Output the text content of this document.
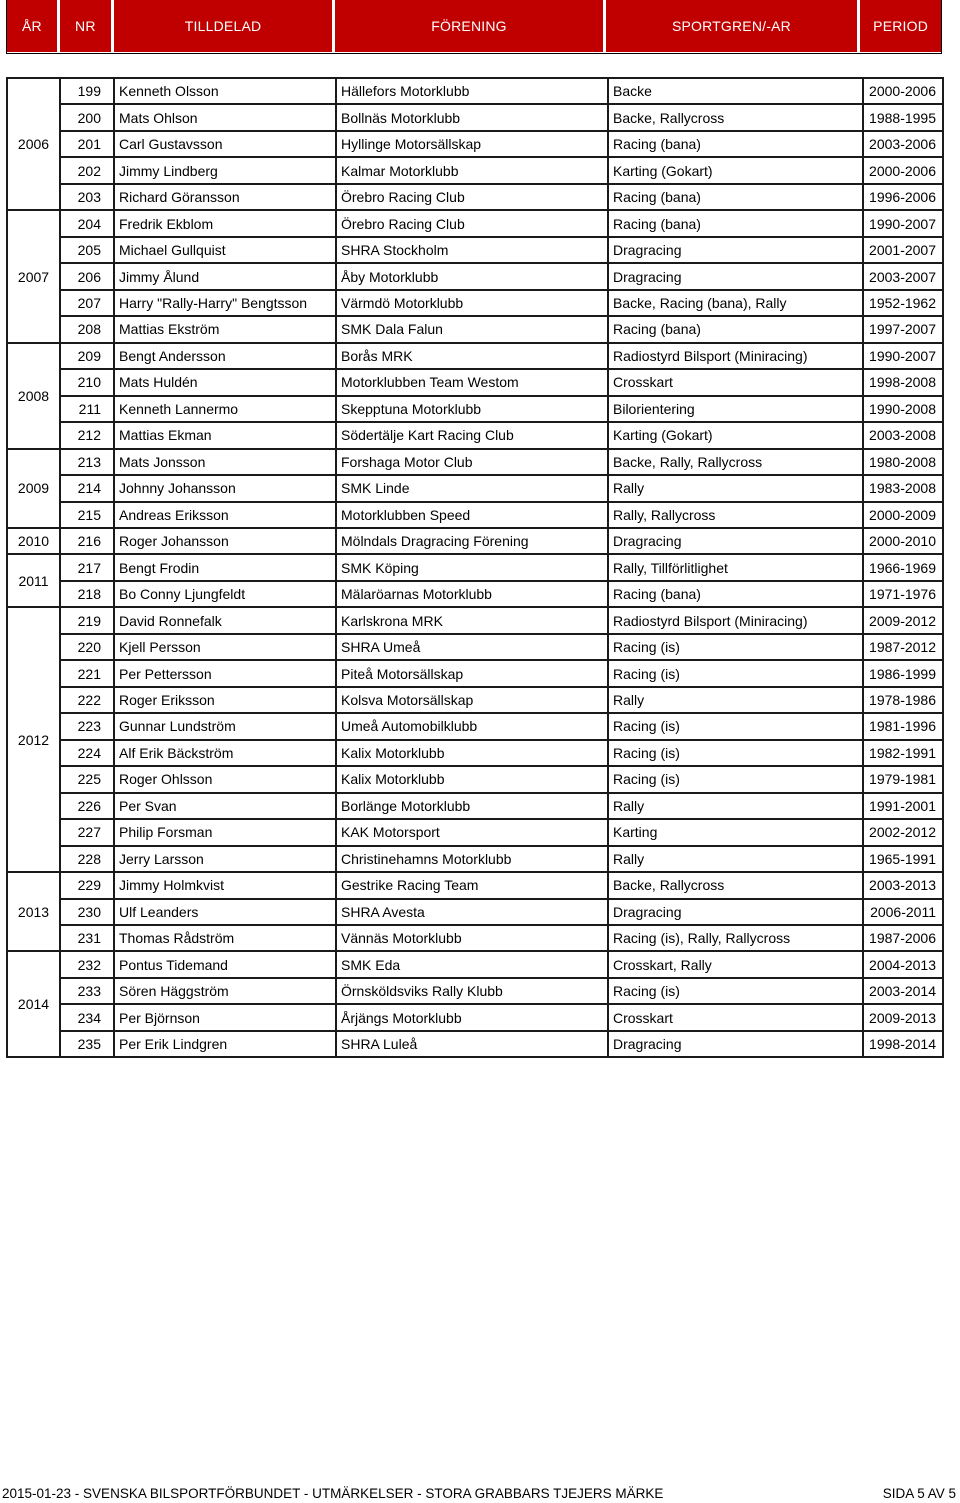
ÅR	NR	TILLDELAD	FÖRENING	SPORTGREN/-AR	PERIOD
2006	199	Kenneth Olsson	Hällefors Motorklubb	Backe	2000-2006
	200	Mats Ohlson	Bollnäs Motorklubb	Backe, Rallycross	1988-1995
	201	Carl Gustavsson	Hyllinge Motorsällskap	Racing (bana)	2003-2006
	202	Jimmy Lindberg	Kalmar Motorklubb	Karting (Gokart)	2000-2006
	203	Richard Göransson	Örebro Racing Club	Racing (bana)	1996-2006
2007	204	Fredrik Ekblom	Örebro Racing Club	Racing (bana)	1990-2007
	205	Michael Gullquist	SHRA Stockholm	Dragracing	2001-2007
	206	Jimmy Ålund	Åby Motorklubb	Dragracing	2003-2007
	207	Harry "Rally-Harry" Bengtsson	Värmdö Motorklubb	Backe, Racing (bana), Rally	1952-1962
	208	Mattias Ekström	SMK Dala Falun	Racing (bana)	1997-2007
2008	209	Bengt Andersson	Borås MRK	Radiostyrd Bilsport (Miniracing)	1990-2007
	210	Mats Huldén	Motorklubben Team Westom	Crosskart	1998-2008
	211	Kenneth Lannermo	Skepptuna Motorklubb	Bilorientering	1990-2008
	212	Mattias Ekman	Södertälje Kart Racing Club	Karting (Gokart)	2003-2008
2009	213	Mats Jonsson	Forshaga Motor Club	Backe, Rally, Rallycross	1980-2008
	214	Johnny Johansson	SMK Linde	Rally	1983-2008
	215	Andreas Eriksson	Motorklubben Speed	Rally, Rallycross	2000-2009
2010	216	Roger Johansson	Mölndals Dragracing Förening	Dragracing	2000-2010
2011	217	Bengt Frodin	SMK Köping	Rally, Tillförlitlighet	1966-1969
	218	Bo Conny Ljungfeldt	Mälaröarnas Motorklubb	Racing (bana)	1971-1976
2012	219	David Ronnefalk	Karlskrona MRK	Radiostyrd Bilsport (Miniracing)	2009-2012
	220	Kjell Persson	SHRA Umeå	Racing (is)	1987-2012
	221	Per Pettersson	Piteå Motorsällskap	Racing (is)	1986-1999
	222	Roger Eriksson	Kolsva Motorsällskap	Rally	1978-1986
	223	Gunnar Lundström	Umeå Automobilklubb	Racing (is)	1981-1996
	224	Alf Erik Bäckström	Kalix Motorklubb	Racing (is)	1982-1991
	225	Roger Ohlsson	Kalix Motorklubb	Racing (is)	1979-1981
	226	Per Svan	Borlänge Motorklubb	Rally	1991-2001
	227	Philip Forsman	KAK Motorsport	Karting	2002-2012
	228	Jerry Larsson	Christinehamns Motorklubb	Rally	1965-1991
2013	229	Jimmy Holmkvist	Gestrike Racing Team	Backe, Rallycross	2003-2013
	230	Ulf Leanders	SHRA Avesta	Dragracing	2006-2011
	231	Thomas Rådström	Vännäs Motorklubb	Racing (is), Rally, Rallycross	1987-2006
2014	232	Pontus Tidemand	SMK Eda	Crosskart, Rally	2004-2013
	233	Sören Häggström	Örnsköldsviks Rally Klubb	Racing (is)	2003-2014
	234	Per Björnson	Årjängs Motorklubb	Crosskart	2009-2013
	235	Per Erik Lindgren	SHRA Luleå	Dragracing	1998-2014
2015-01-23 - SVENSKA BILSPORTFÖRBUNDET - UTMÄRKELSER - STORA GRABBARS TJEJERS MÄRKE	SIDA 5 AV 5
